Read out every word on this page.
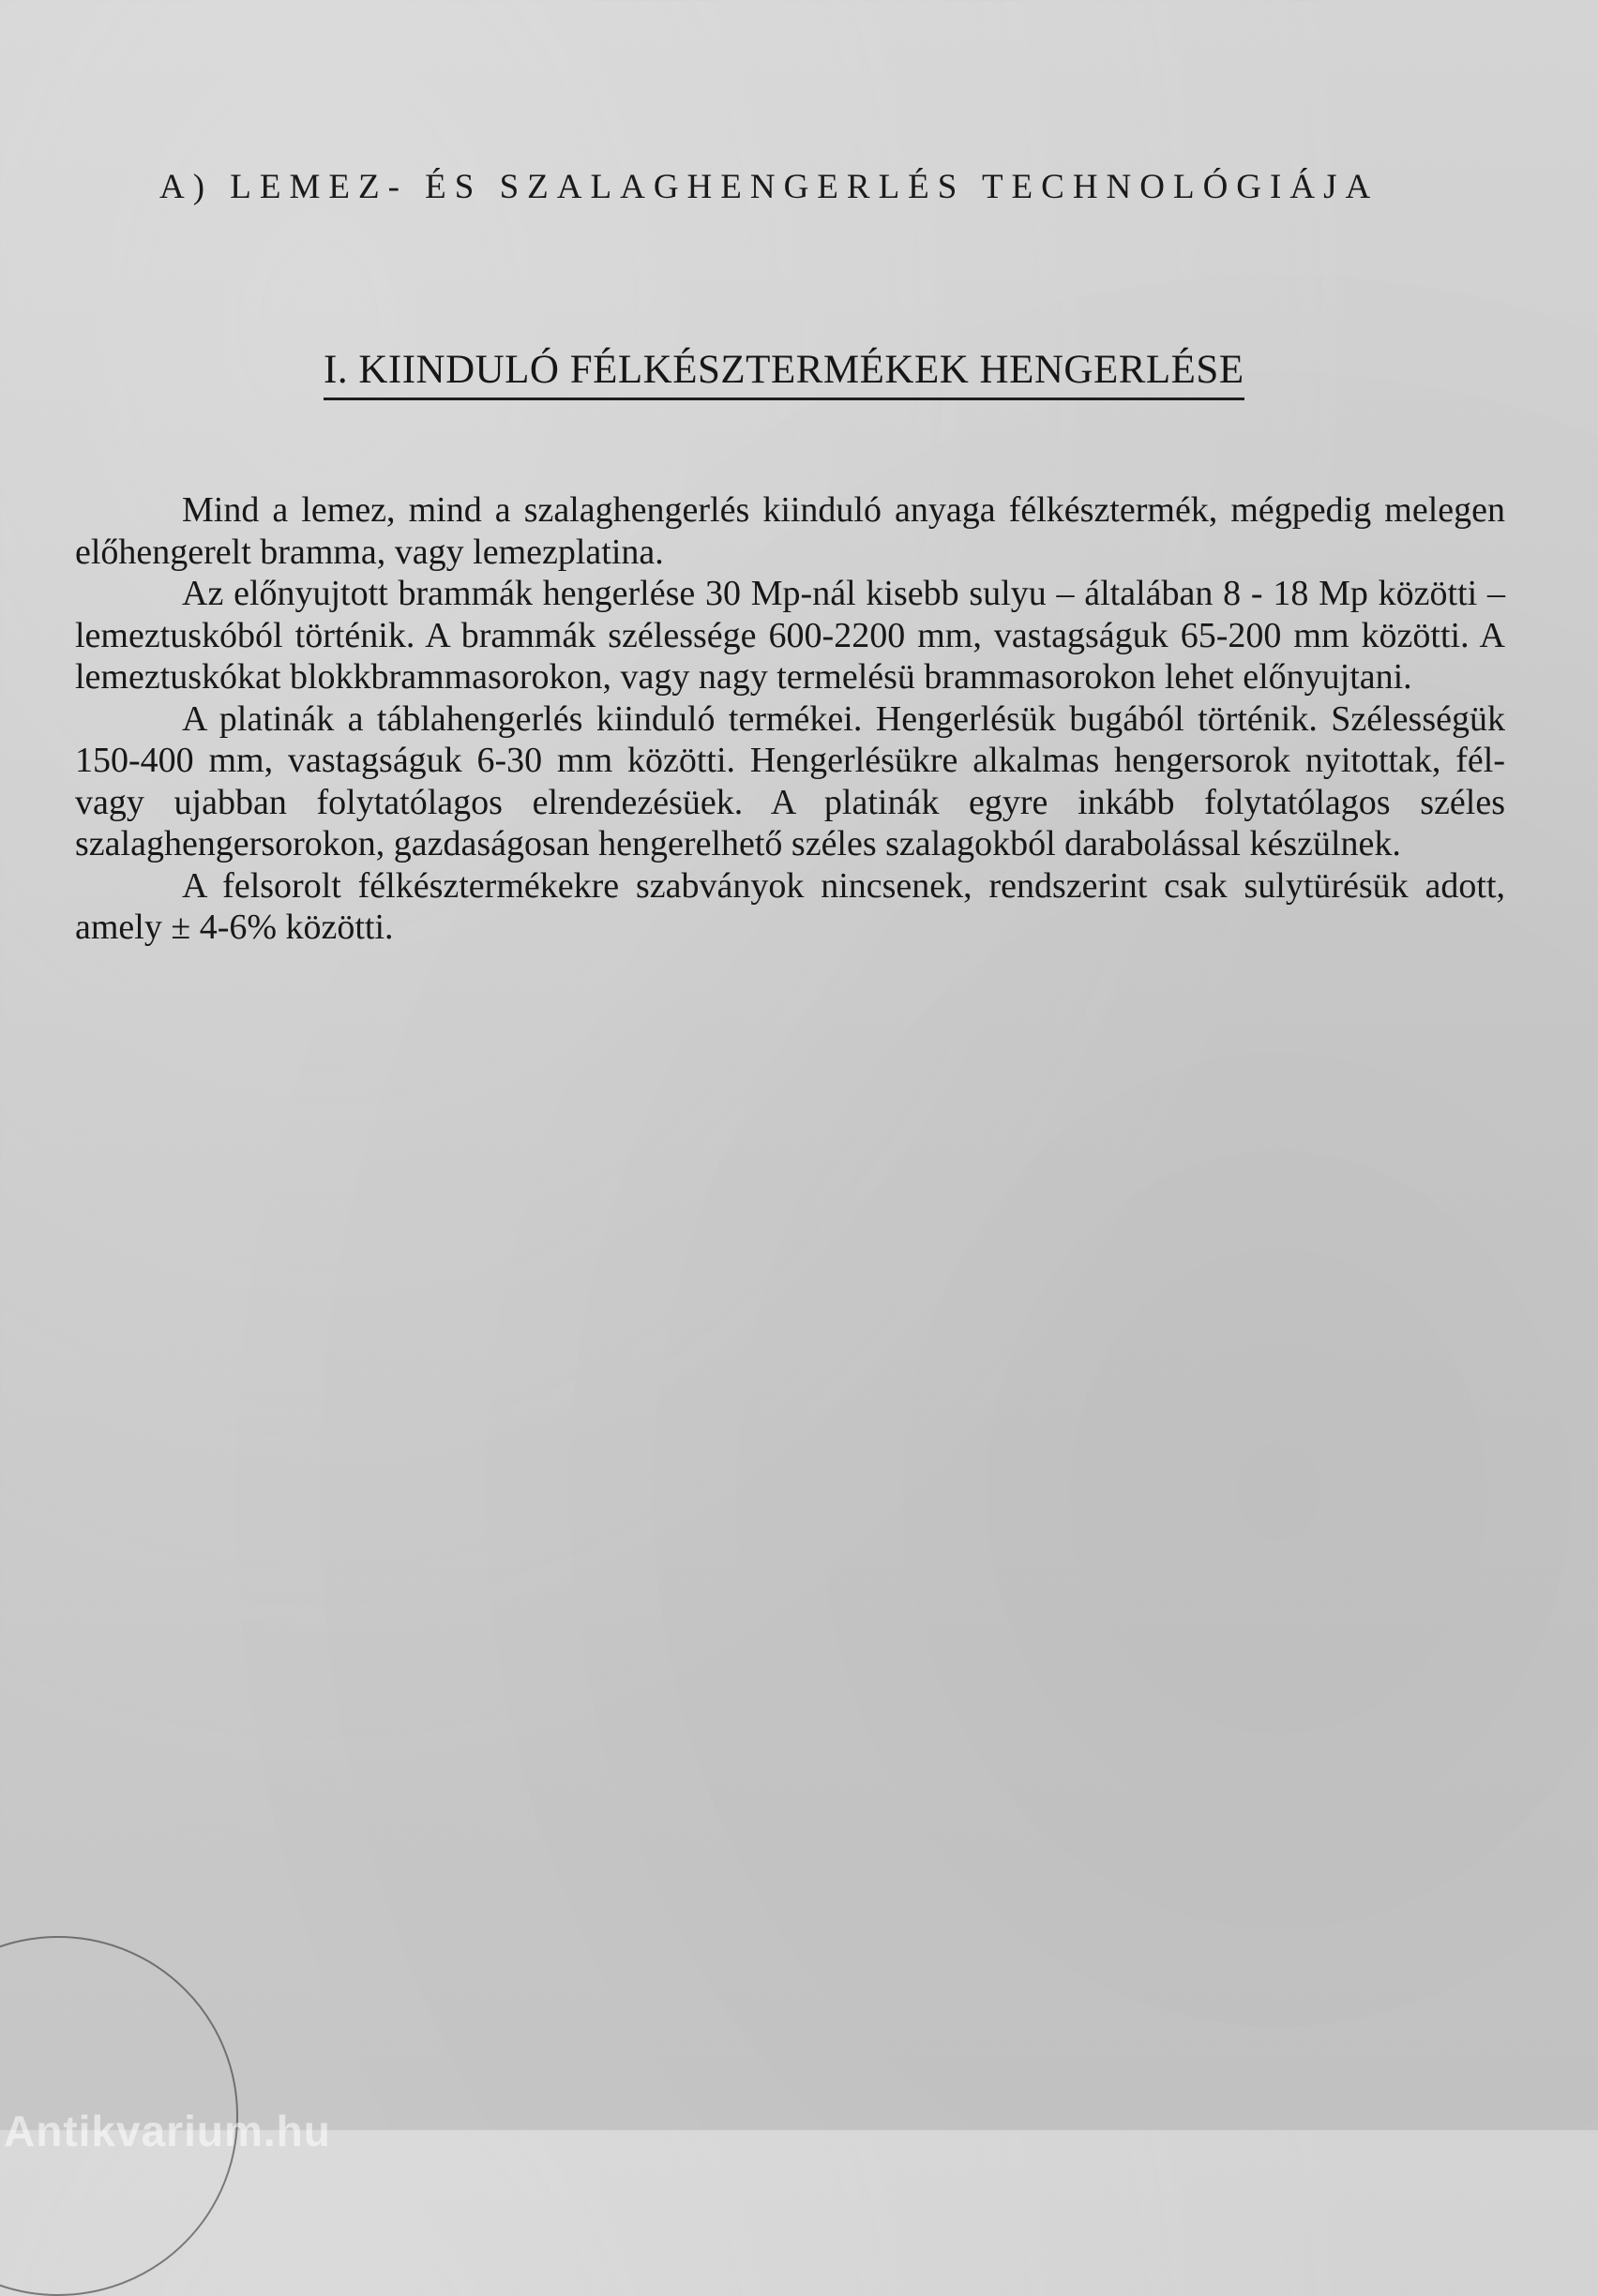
A) LEMEZ- ÉS SZALAGHENGERLÉS TECHNOLÓGIÁJA
I. KIINDULÓ FÉLKÉSZTERMÉKEK HENGERLÉSE

Mind a lemez, mind a szalaghengerlés kiinduló anyaga félkésztermék, mégpedig melegen előhengerelt bramma, vagy lemezplatina.

Az előnyujtott brammák hengerlése 30 Mp-nál kisebb sulyu – általában 8 - 18 Mp közötti – lemeztuskóból történik. A brammák szélessége 600-2200 mm, vastagságuk 65-200 mm közötti. A lemeztuskókat blokkbrammasorokon, vagy nagy termelésü brammasorokon lehet előnyujtani.

A platinák a táblahengerlés kiinduló termékei. Hengerlésük bugából történik. Szélességük 150-400 mm, vastagságuk 6-30 mm közötti. Hengerlésükre alkalmas hengersorok nyitottak, fél- vagy ujabban folytatólagos elrendezésüek. A platinák egyre inkább folytatólagos széles szalaghengersorokon, gazdaságosan hengerelhető széles szalagokból darabolással készülnek.

A felsorolt félkésztermékekre szabványok nincsenek, rendszerint csak sulytürésük adott, amely ± 4-6% közötti.

Antikvarium.hu
